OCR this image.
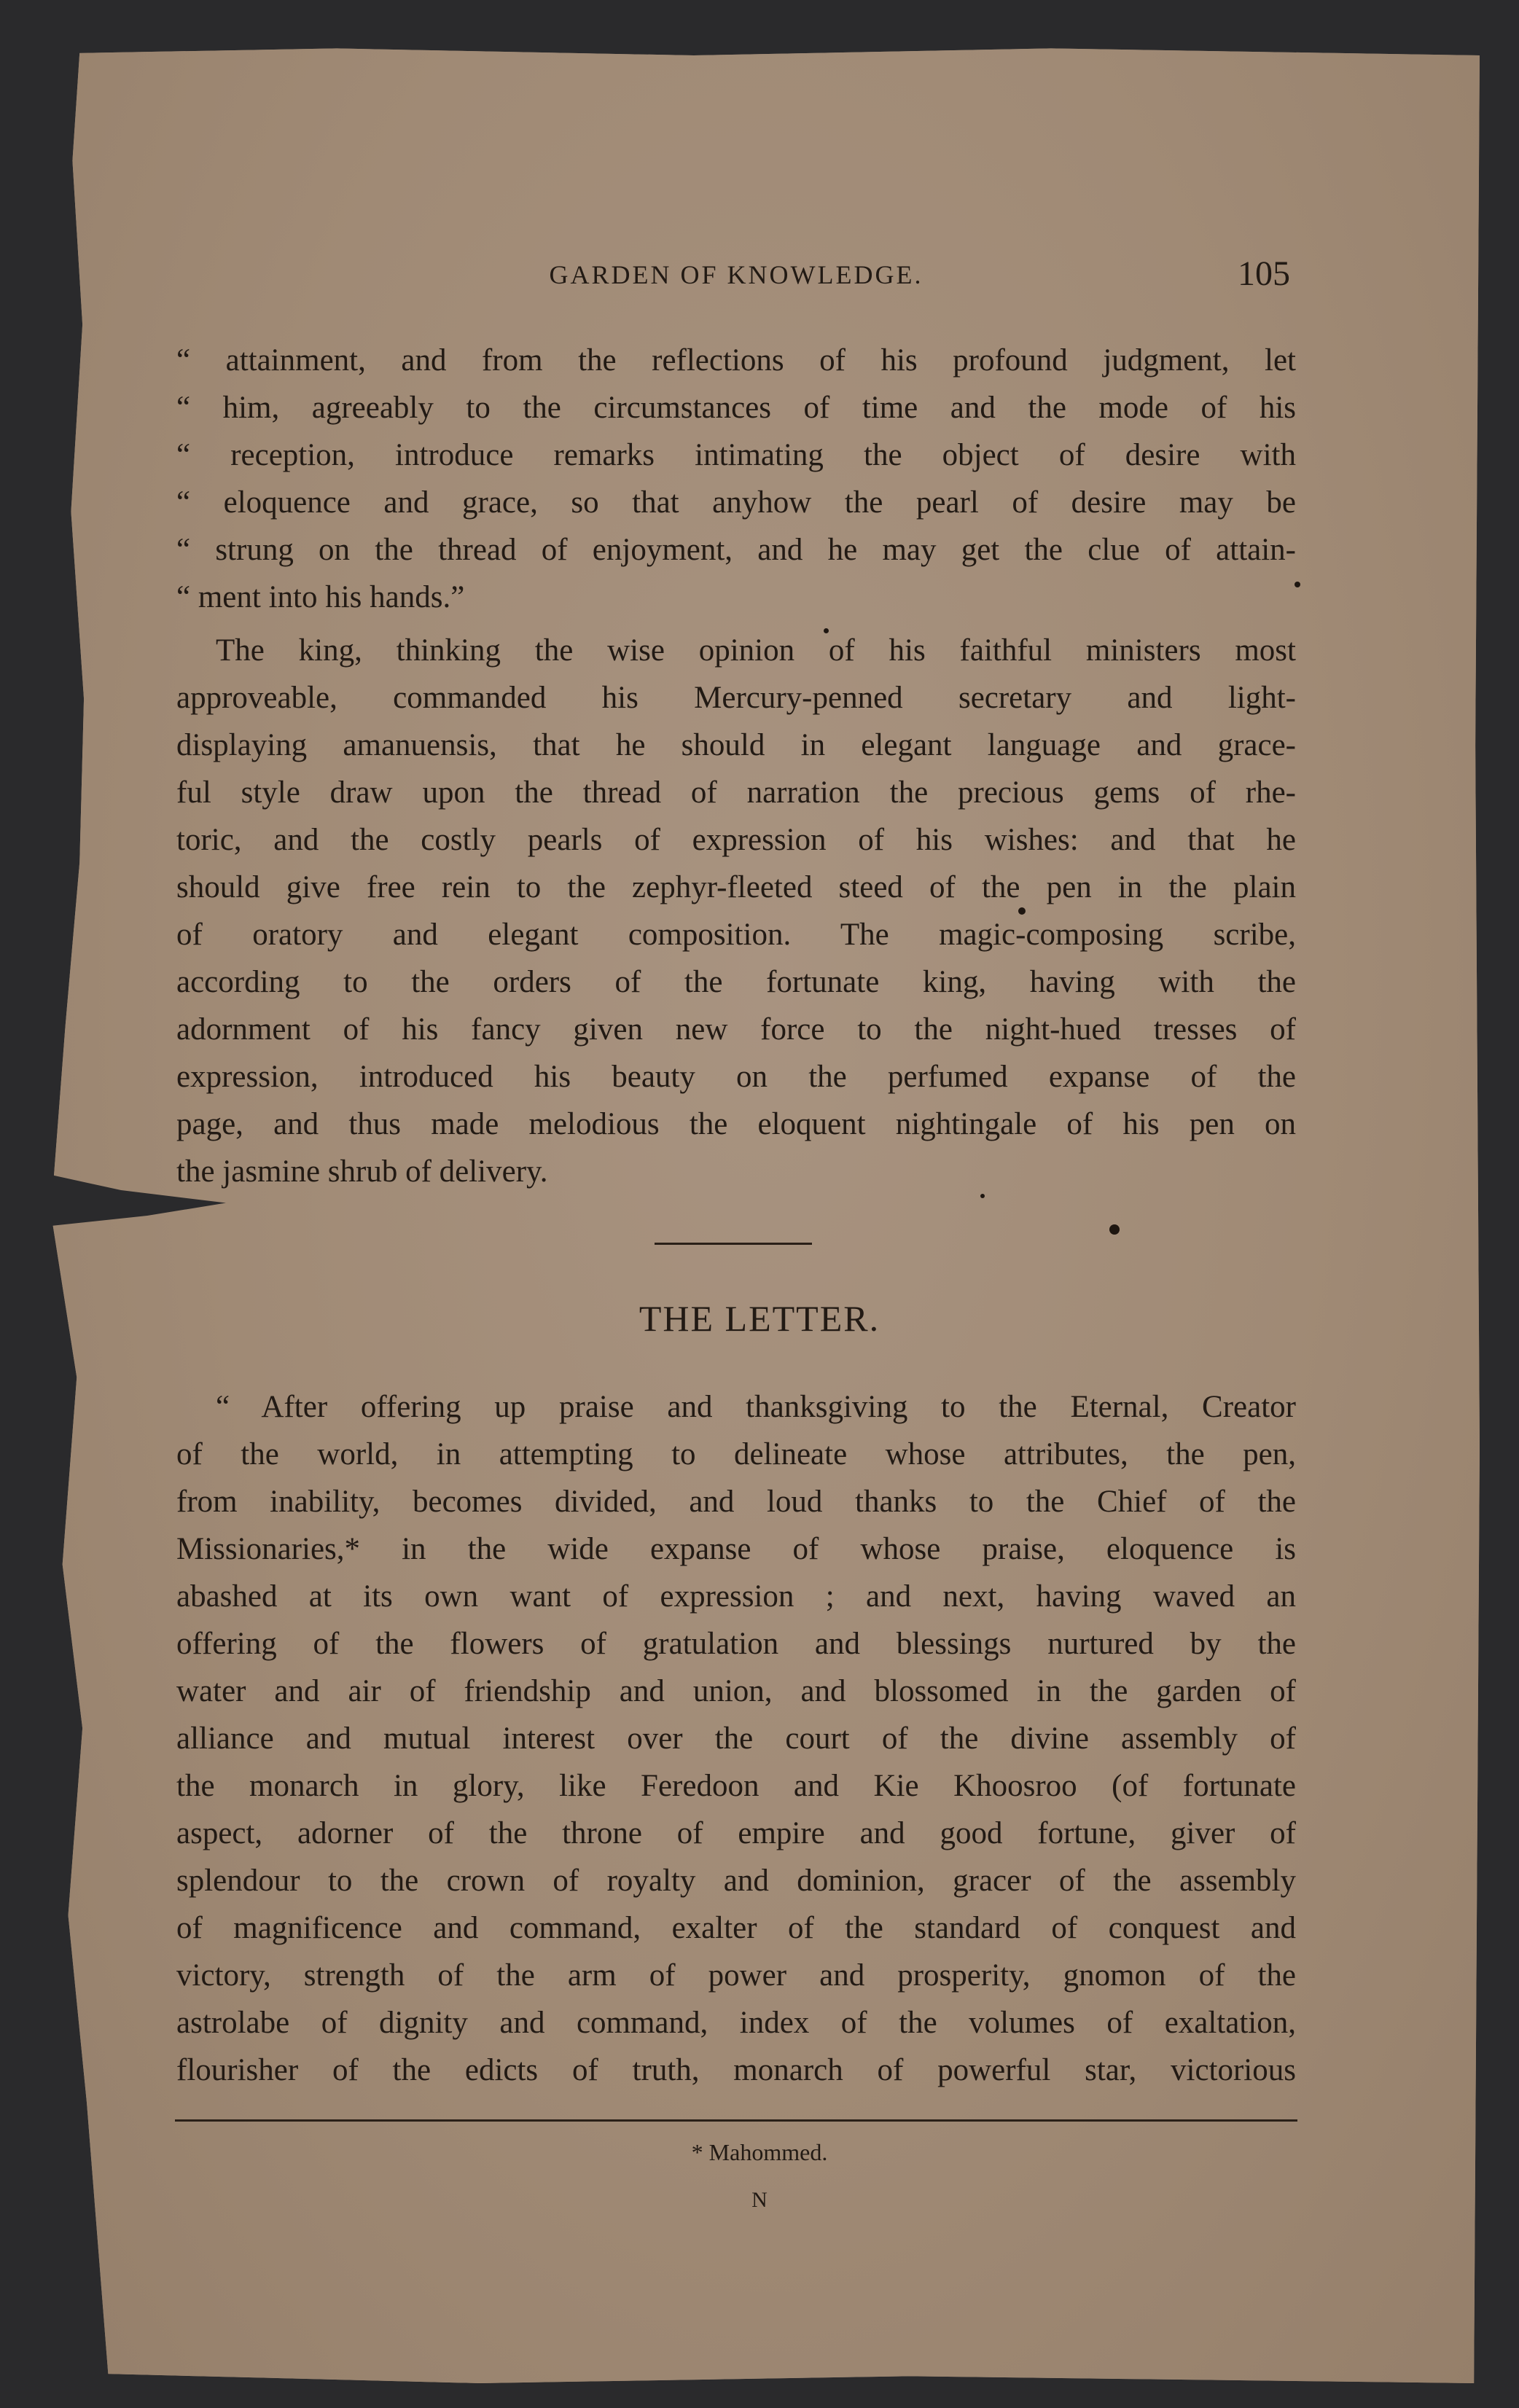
GARDEN OF KNOWLEDGE.	105
“ attainment, and from the reflections of his profound judgment, let
“ him, agreeably to the circumstances of time and the mode of his
“ reception, introduce remarks intimating the object of desire with
“ eloquence and grace, so that anyhow the pearl of desire may be
“ strung on the thread of enjoyment, and he may get the clue of attain-
“ ment into his hands.”
The king, thinking the wise opinion of his faithful ministers most
approveable, commanded his Mercury-penned secretary and light-
displaying amanuensis, that he should in elegant language and grace-
ful style draw upon the thread of narration the precious gems of rhe-
toric, and the costly pearls of expression of his wishes: and that he
should give free rein to the zephyr-fleeted steed of the pen in the plain
of oratory and elegant composition. The magic-composing scribe,
according to the orders of the fortunate king, having with the
adornment of his fancy given new force to the night-hued tresses of
expression, introduced his beauty on the perfumed expanse of the
page, and thus made melodious the eloquent nightingale of his pen on
the jasmine shrub of delivery.
THE LETTER.
“ After offering up praise and thanksgiving to the Eternal, Creator
of the world, in attempting to delineate whose attributes, the pen,
from inability, becomes divided, and loud thanks to the Chief of the
Missionaries,* in the wide expanse of whose praise, eloquence is
abashed at its own want of expression ; and next, having waved an
offering of the flowers of gratulation and blessings nurtured by the
water and air of friendship and union, and blossomed in the garden of
alliance and mutual interest over the court of the divine assembly of
the monarch in glory, like Feredoon and Kie Khoosroo (of fortunate
aspect, adorner of the throne of empire and good fortune, giver of
splendour to the crown of royalty and dominion, gracer of the assembly
of magnificence and command, exalter of the standard of conquest and
victory, strength of the arm of power and prosperity, gnomon of the
astrolabe of dignity and command, index of the volumes of exaltation,
flourisher of the edicts of truth, monarch of powerful star, victorious
* Mahommed.
N
